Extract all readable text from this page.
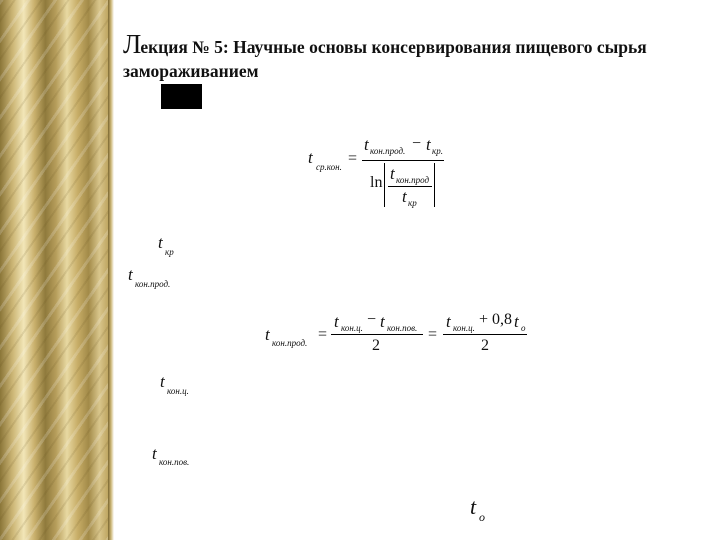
Лекция № 5: Научные основы консервирования пищевого сырья замораживанием
t ср.кон. =
t кон.прод. − t кр.
ln t кон.прод
t кр
t кр
t кон.прод.
t кон.прод. =
t кон.ц. − t кон.пов.
2
=
t кон.ц. + 0,8 t о
2
t кон.ц.
t кон.пов.
t о
